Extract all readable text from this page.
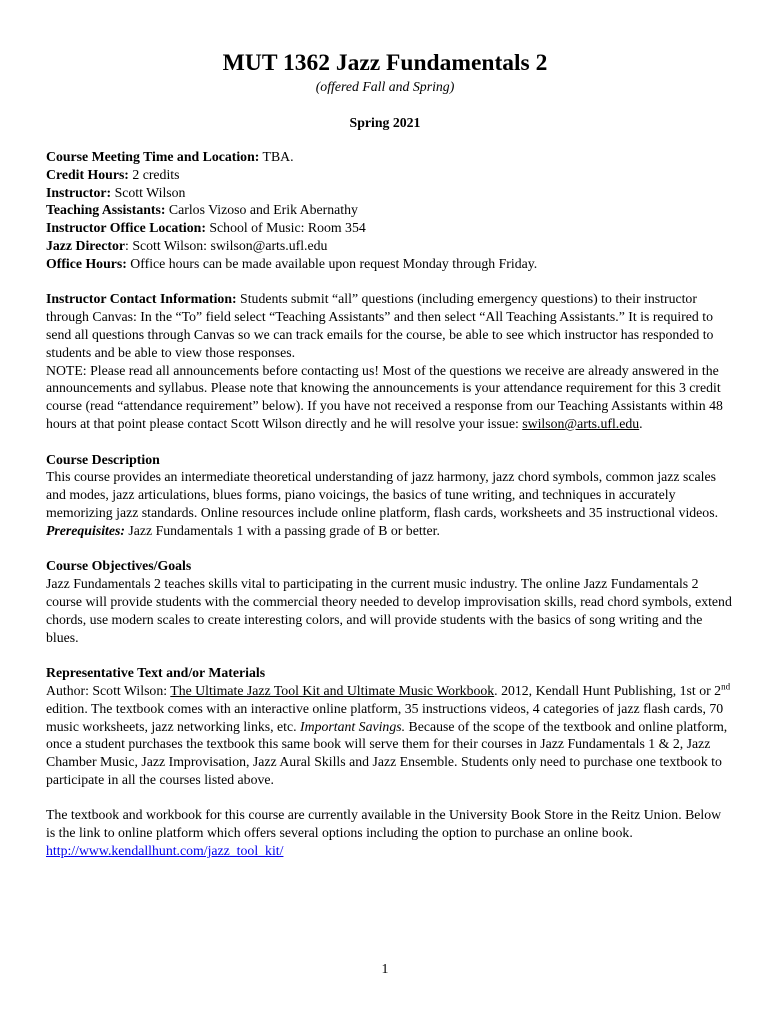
MUT 1362 Jazz Fundamentals 2
(offered Fall and Spring)
Spring 2021

Course Meeting Time and Location: TBA.

Credit Hours: 2 credits

Instructor: Scott Wilson

Teaching Assistants: Carlos Vizoso and Erik Abernathy

Instructor Office Location: School of Music: Room 354

Jazz Director: Scott Wilson: swilson@arts.ufl.edu

Office Hours: Office hours can be made available upon request Monday through Friday.

Instructor Contact Information: Students submit “all” questions (including emergency questions) to their instructor through Canvas: In the “To” field select “Teaching Assistants” and then select “All Teaching Assistants.” It is required to send all questions through Canvas so we can track emails for the course, be able to see which instructor has responded to students and be able to view those responses.

NOTE: Please read all announcements before contacting us! Most of the questions we receive are already answered in the announcements and syllabus. Please note that knowing the announcements is your attendance requirement for this 3 credit course (read “attendance requirement” below). If you have not received a response from our Teaching Assistants within 48 hours at that point please contact Scott Wilson directly and he will resolve your issue: swilson@arts.ufl.edu.

Course Description

This course provides an intermediate theoretical understanding of jazz harmony, jazz chord symbols, common jazz scales and modes, jazz articulations, blues forms, piano voicings, the basics of tune writing, and techniques in accurately memorizing jazz standards. Online resources include online platform, flash cards, worksheets and 35 instructional videos.

Prerequisites: Jazz Fundamentals 1 with a passing grade of B or better.

Course Objectives/Goals

Jazz Fundamentals 2 teaches skills vital to participating in the current music industry. The online Jazz Fundamentals 2 course will provide students with the commercial theory needed to develop improvisation skills, read chord symbols, extend chords, use modern scales to create interesting colors, and will provide students with the basics of song writing and the blues.

Representative Text and/or Materials

Author: Scott Wilson: The Ultimate Jazz Tool Kit and Ultimate Music Workbook. 2012, Kendall Hunt Publishing, 1st or 2nd edition. The textbook comes with an interactive online platform, 35 instructions videos, 4 categories of jazz flash cards, 70 music worksheets, jazz networking links, etc. Important Savings. Because of the scope of the textbook and online platform, once a student purchases the textbook this same book will serve them for their courses in Jazz Fundamentals 1 & 2, Jazz Chamber Music, Jazz Improvisation, Jazz Aural Skills and Jazz Ensemble. Students only need to purchase one textbook to participate in all the courses listed above.

The textbook and workbook for this course are currently available in the University Book Store in the Reitz Union. Below is the link to online platform which offers several options including the option to purchase an online book.

http://www.kendallhunt.com/jazz_tool_kit/

1
